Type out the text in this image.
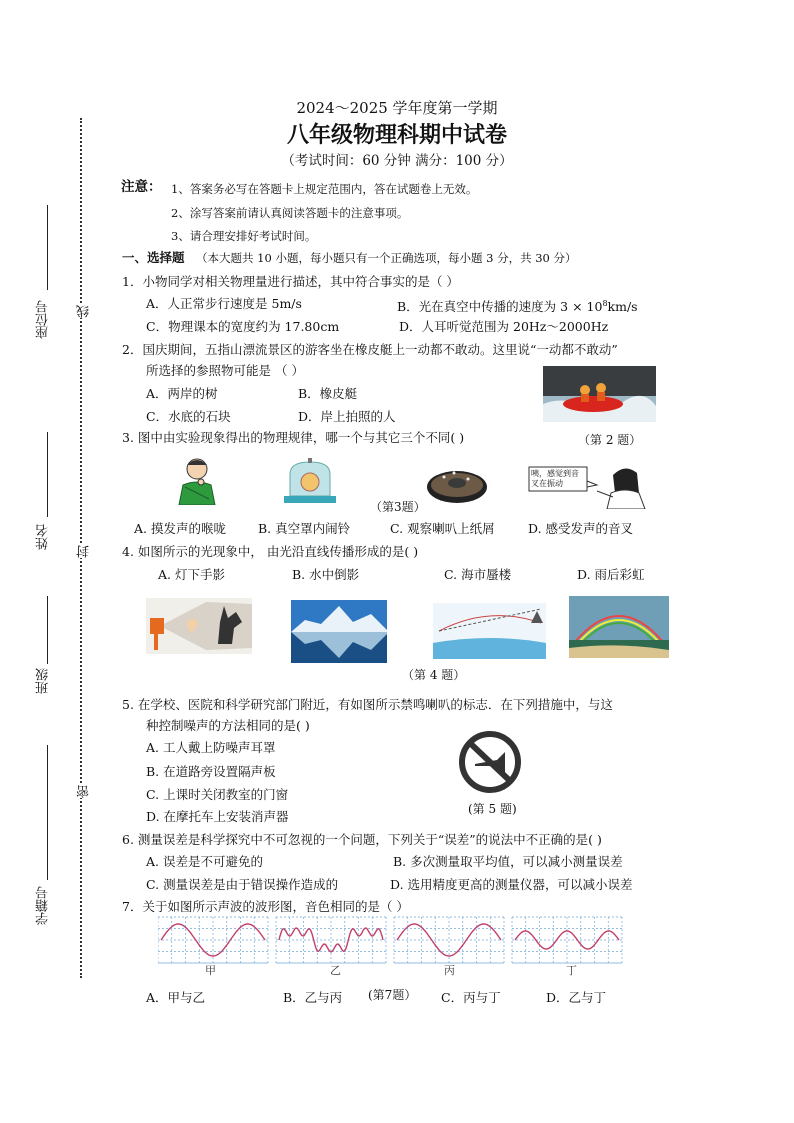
座位号
姓名
班级
学籍号
线
封
密
2024～2025 学年度第一学期
八年级物理科期中试卷
（考试时间：60 分钟 满分：100 分）
注意： 1、答案务必写在答题卡上规定范围内，答在试题卷上无效。
2、涂写答案前请认真阅读答题卡的注意事项。
3、请合理安排好考试时间。
一、选择题 （本大题共 10 小题，每小题只有一个正确选项，每小题 3 分，共 30 分）
1．小物同学对相关物理量进行描述，其中符合事实的是（ ）
A．人正常步行速度是 5m/s	B．光在真空中传播的速度为 $3 \times 10^8km/s$
C．物理课本的宽度约为 17.80cm	D．人耳听觉范围为 20Hz～2000Hz
2．国庆期间，五指山漂流景区的游客坐在橡皮艇上一动都不敢动。这里说“一动都不敢动”
所选择的参照物可能是 （ ）
A．两岸的树	B．橡皮艇
C．水底的石块	D．岸上拍照的人
（第 2 题）
3. 图中由实验现象得出的物理规律，哪一个与其它三个不同( )
咦，感觉到音叉在振动
（第3题）
A. 摸发声的喉咙	B. 真空罩内闹铃	C. 观察喇叭上纸屑	D. 感受发声的音叉
4. 如图所示的光现象中， 由光沿直线传播形成的是( )
A. 灯下手影	B. 水中倒影	C. 海市蜃楼	D. 雨后彩虹
（第 4 题）
5. 在学校、医院和科学研究部门附近，有如图所示禁鸣喇叭的标志．在下列措施中，与这
种控制噪声的方法相同的是( )
A. 工人戴上防噪声耳罩
B. 在道路旁设置隔声板
C. 上课时关闭教室的门窗
D. 在摩托车上安装消声器	(第 5 题)
6. 测量误差是科学探究中不可忽视的一个问题，下列关于“误差”的说法中不正确的是( )
A. 误差是不可避免的	B. 多次测量取平均值，可以减小测量误差
C. 测量误差是由于错误操作造成的	D. 选用精度更高的测量仪器，可以减小误差
7．关于如图所示声波的波形图，音色相同的是（ ）
甲	乙	丙	丁
A．甲与乙	B．乙与丙 (第7题） C．丙与丁	D．乙与丁
